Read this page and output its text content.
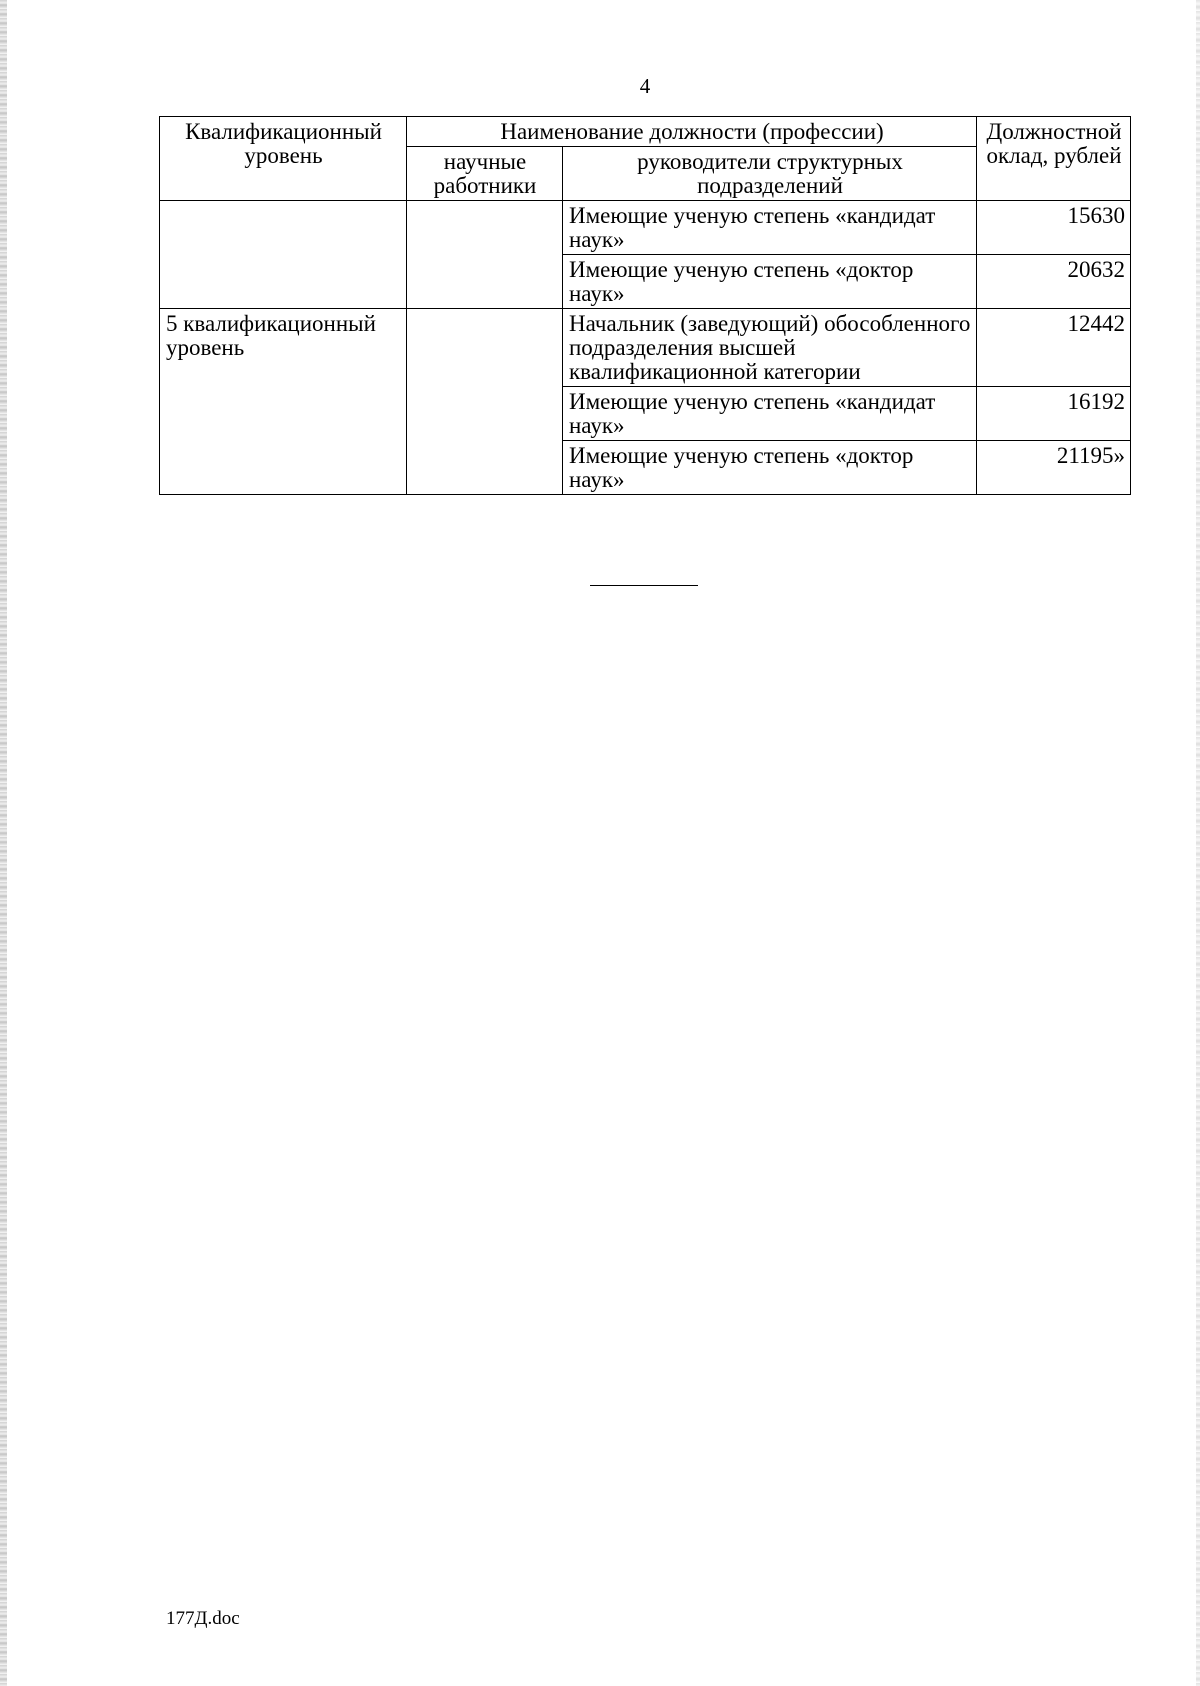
4
Квалификационный уровень	Наименование должности (профессии)		Должностной оклад, рублей
	научные работники	руководители структурных подразделений	
		Имеющие ученую степень «кандидат наук»	15630
		Имеющие ученую степень «доктор наук»	20632
5 квалификационный уровень		Начальник (заведующий) обособленного подразделения высшей квалификационной категории	12442
		Имеющие ученую степень «кандидат наук»	16192
		Имеющие ученую степень «доктор наук»	21195»
177Д.doc
